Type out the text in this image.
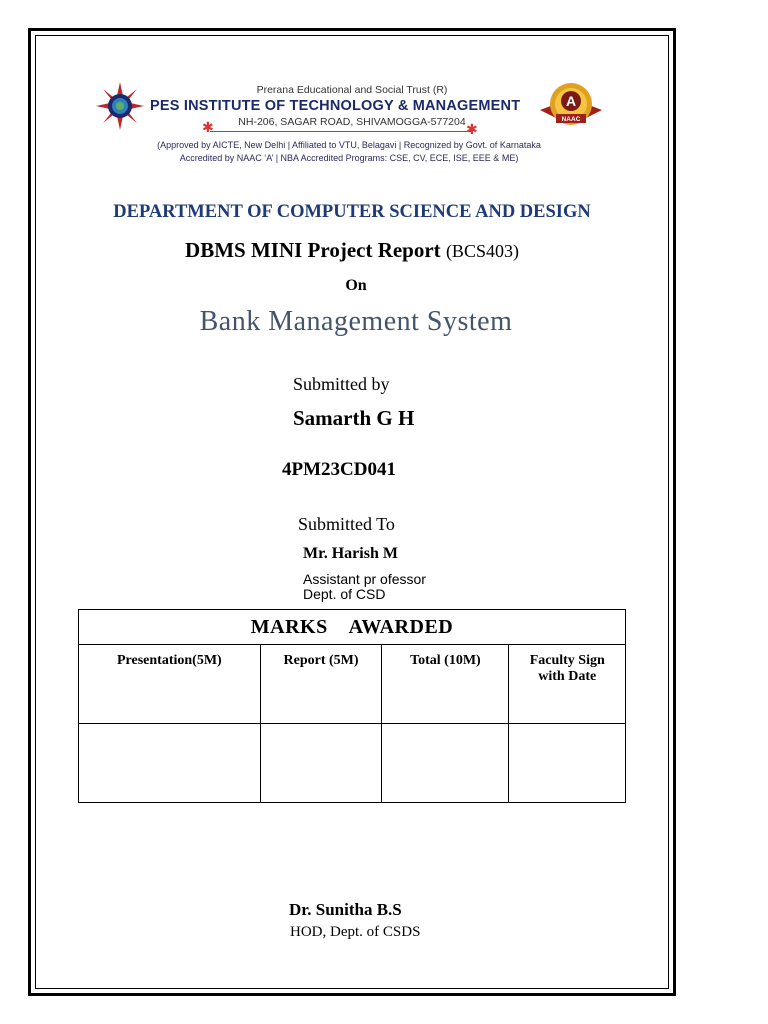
Prerana Educational and Social Trust (R)
PES INSTITUTE OF TECHNOLOGY & MANAGEMENT
NH-206, SAGAR ROAD, SHIVAMOGGA-577204
✱	✱
(Approved by AICTE, New Delhi | Affiliated to VTU, Belagavi | Recognized by Govt. of Karnataka
Accredited by NAAC ‘A’ | NBA Accredited Programs: CSE, CV, ECE, ISE, EEE & ME)
A
NAAC
DEPARTMENT OF COMPUTER SCIENCE AND DESIGN
DBMS MINI Project Report (BCS403)
On
Bank Management System
Submitted by
Samarth G H
4PM23CD041
Submitted To
Mr. Harish M
Assistant pr ofessor
Dept. of CSD
MARKS    AWARDED			
Presentation(5M)	Report (5M)	Total (10M)	Faculty Sign with Date

Dr. Sunitha B.S
HOD, Dept. of CSDS
